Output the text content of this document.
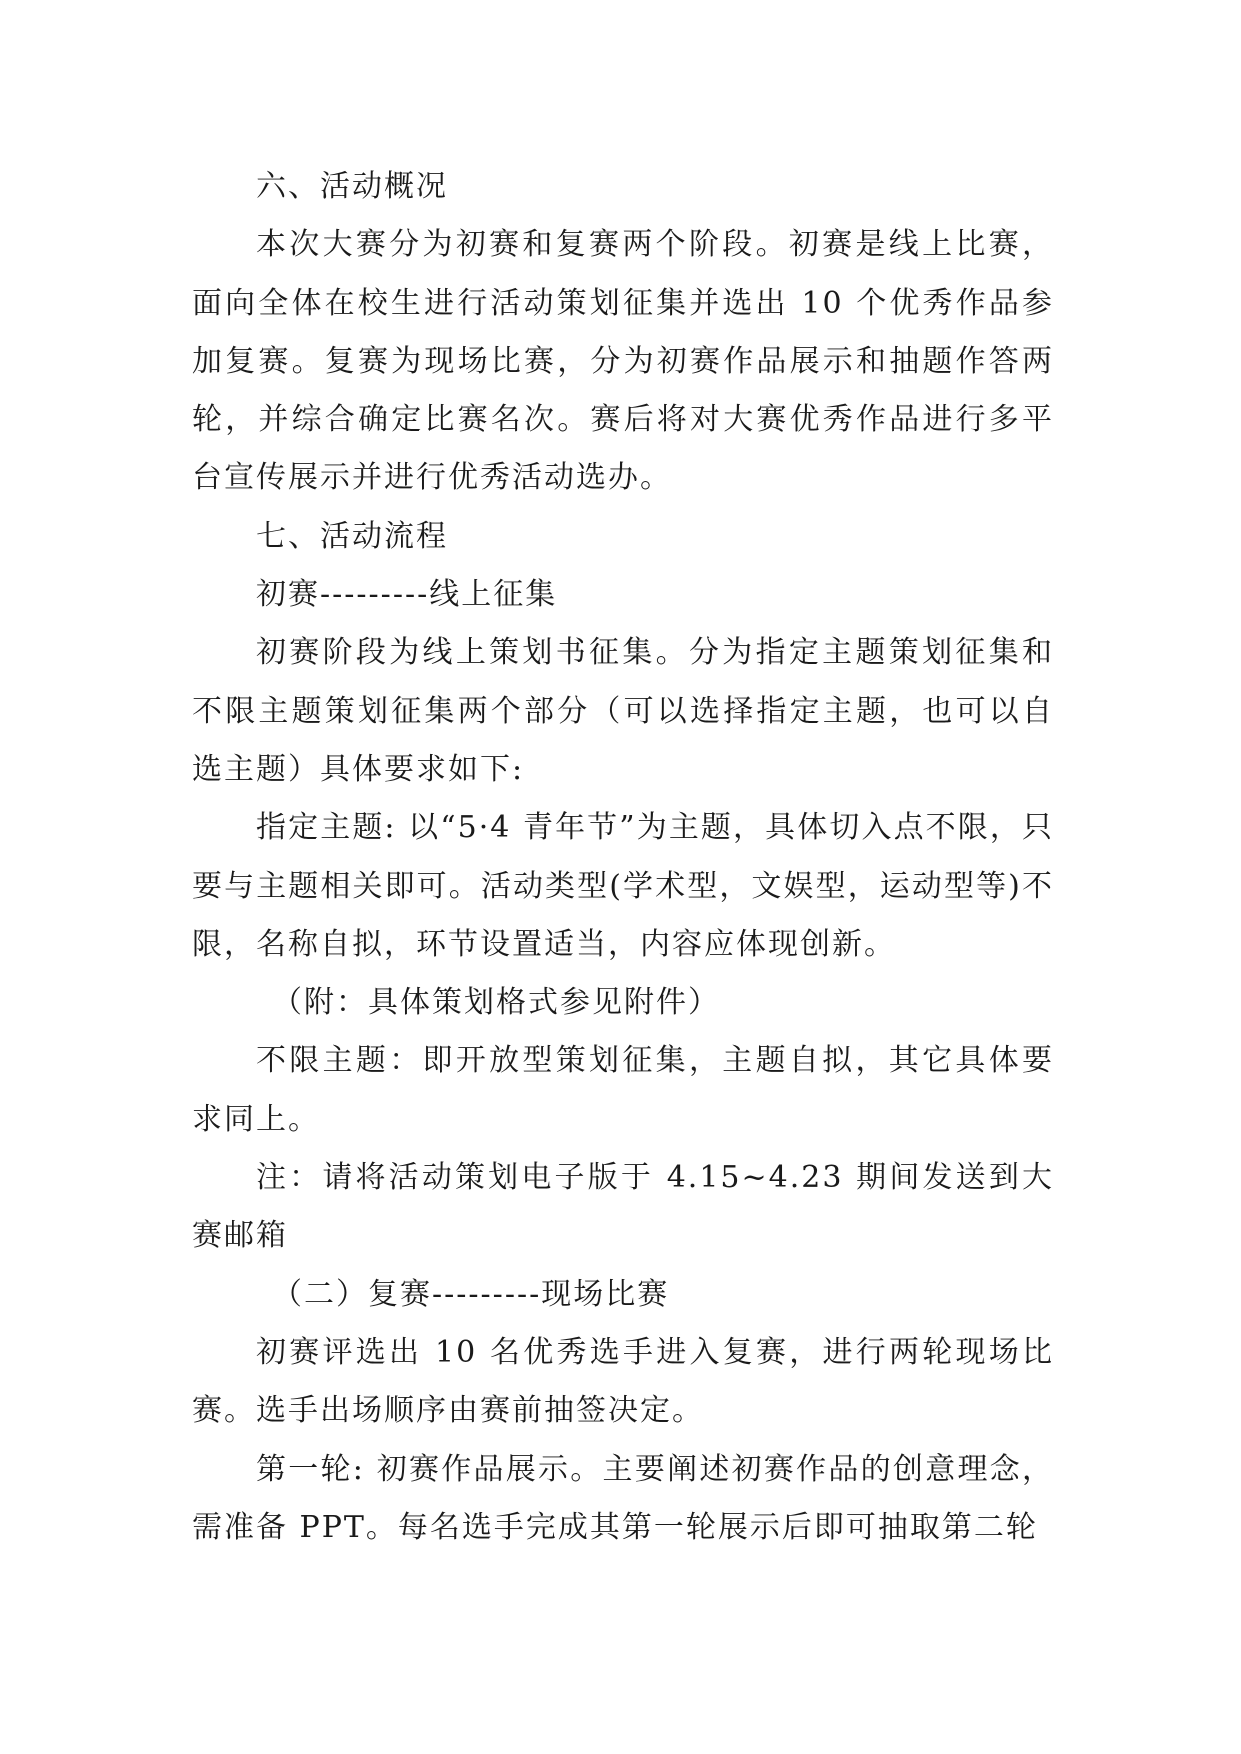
六、活动概况

本次大赛分为初赛和复赛两个阶段。初赛是线上比赛，面向全体在校生进行活动策划征集并选出 10 个优秀作品参加复赛。复赛为现场比赛，分为初赛作品展示和抽题作答两轮，并综合确定比赛名次。赛后将对大赛优秀作品进行多平台宣传展示并进行优秀活动选办。

七、活动流程

初赛---------线上征集

初赛阶段为线上策划书征集。分为指定主题策划征集和不限主题策划征集两个部分（可以选择指定主题，也可以自选主题）具体要求如下:

指定主题: 以“5·4 青年节”为主题，具体切入点不限，只要与主题相关即可。活动类型(学术型，文娱型，运动型等)不限，名称自拟，环节设置适当，内容应体现创新。

（附：具体策划格式参见附件）

不限主题：即开放型策划征集，主题自拟，其它具体要求同上。

注：请将活动策划电子版于 4.15~4.23 期间发送到大赛邮箱

（二）复赛---------现场比赛

初赛评选出 10 名优秀选手进入复赛，进行两轮现场比赛。选手出场顺序由赛前抽签决定。

第一轮: 初赛作品展示。主要阐述初赛作品的创意理念，需准备 PPT。每名选手完成其第一轮展示后即可抽取第二轮
